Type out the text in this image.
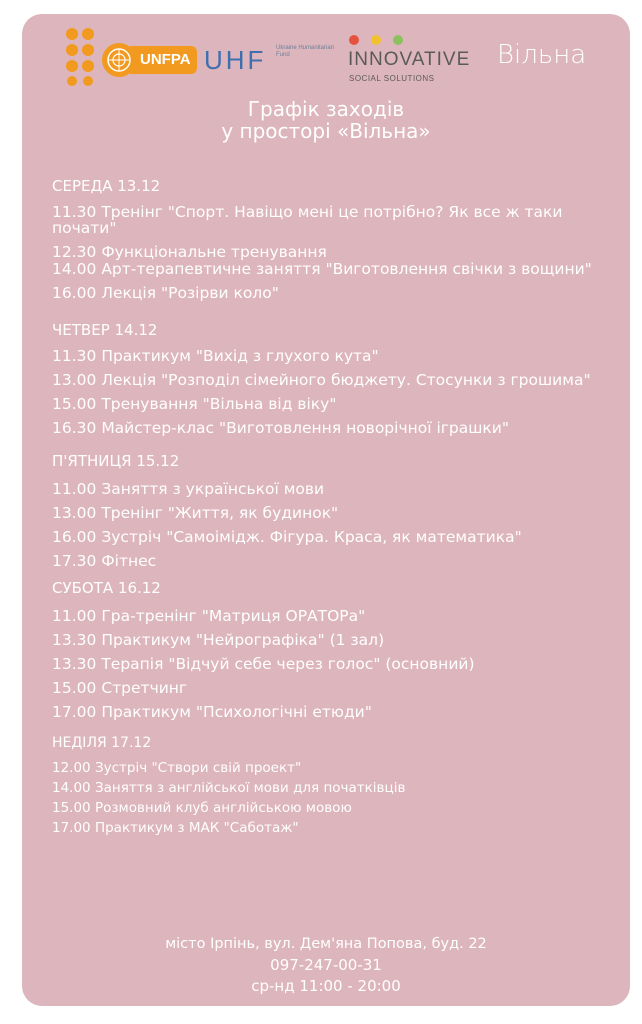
UNFPA UHF Ukraine Humanitarian Fund	INNOVATIVE
SOCIAL SOLUTIONS
Вільна
Графік заходів
у просторі «Вільна»

СЕРЕДА 13.12

11.30 Тренінг "Спорт. Навіщо мені це потрібно? Як все ж таки почати"

12.30 Функціональне тренування

14.00 Арт-терапевтичне заняття "Виготовлення свічки з вощини"

16.00 Лекція "Розірви коло"

ЧЕТВЕР 14.12

11.30 Практикум "Вихід з глухого кута"

13.00 Лекція "Розподіл сімейного бюджету. Стосунки з грошима"

15.00 Тренування "Вільна від віку"

16.30 Майстер-клас "Виготовлення новорічної іграшки"

П'ЯТНИЦЯ 15.12

11.00 Заняття з української мови

13.00 Тренінг "Життя, як будинок"

16.00 Зустріч "Самоімідж. Фігура. Краса, як математика"

17.30 Фітнес

СУБОТА 16.12

11.00 Гра-тренінг "Матриця ОРАТОРа"

13.30 Практикум "Нейрографіка" (1 зал)

13.30 Терапія "Відчуй себе через голос" (основний)

15.00 Стретчинг

17.00 Практикум "Психологічні етюди"

НЕДІЛЯ 17.12

12.00 Зустріч "Створи свій проект"

14.00 Заняття з англійської мови для початківців

15.00 Розмовний клуб англійською мовою

17.00 Практикум з МАК "Саботаж"

місто Ірпінь, вул. Дем'яна Попова, буд. 22
097-247-00-31
ср-нд 11:00 - 20:00
